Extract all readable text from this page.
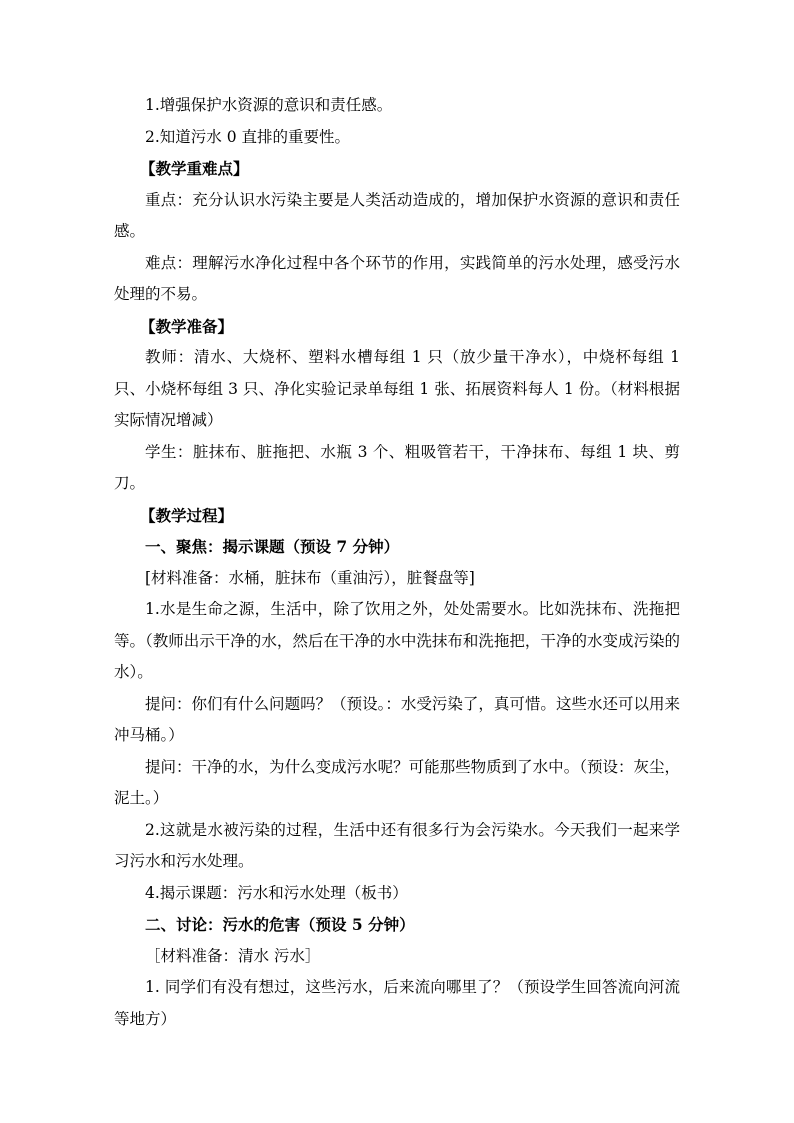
1.增强保护水资源的意识和责任感。

2.知道污水 0 直排的重要性。

【教学重难点】

重点：充分认识水污染主要是人类活动造成的，增加保护水资源的意识和责任感。

难点：理解污水净化过程中各个环节的作用，实践简单的污水处理，感受污水处理的不易。

【教学准备】

教师：清水、大烧杯、塑料水槽每组 1 只（放少量干净水），中烧杯每组 1 只、小烧杯每组 3 只、净化实验记录单每组 1 张、拓展资料每人 1 份。（材料根据实际情况增减）

学生：脏抹布、脏拖把、水瓶 3 个、粗吸管若干，干净抹布、每组 1 块、剪刀。

【教学过程】

一、聚焦：揭示课题（预设 7 分钟）

[材料准备：水桶，脏抹布（重油污），脏餐盘等]

1.水是生命之源，生活中，除了饮用之外，处处需要水。比如洗抹布、洗拖把等。（教师出示干净的水，然后在干净的水中洗抹布和洗拖把，干净的水变成污染的水）。

提问：你们有什么问题吗？（预设。：水受污染了，真可惜。这些水还可以用来冲马桶。）

提问：干净的水，为什么变成污水呢？可能那些物质到了水中。（预设：灰尘，泥土。）

2.这就是水被污染的过程，生活中还有很多行为会污染水。今天我们一起来学习污水和污水处理。

4.揭示课题：污水和污水处理（板书）

二、讨论：污水的危害（预设 5 分钟）

［材料准备：清水 污水］

1. 同学们有没有想过，这些污水，后来流向哪里了？（预设学生回答流向河流等地方）
